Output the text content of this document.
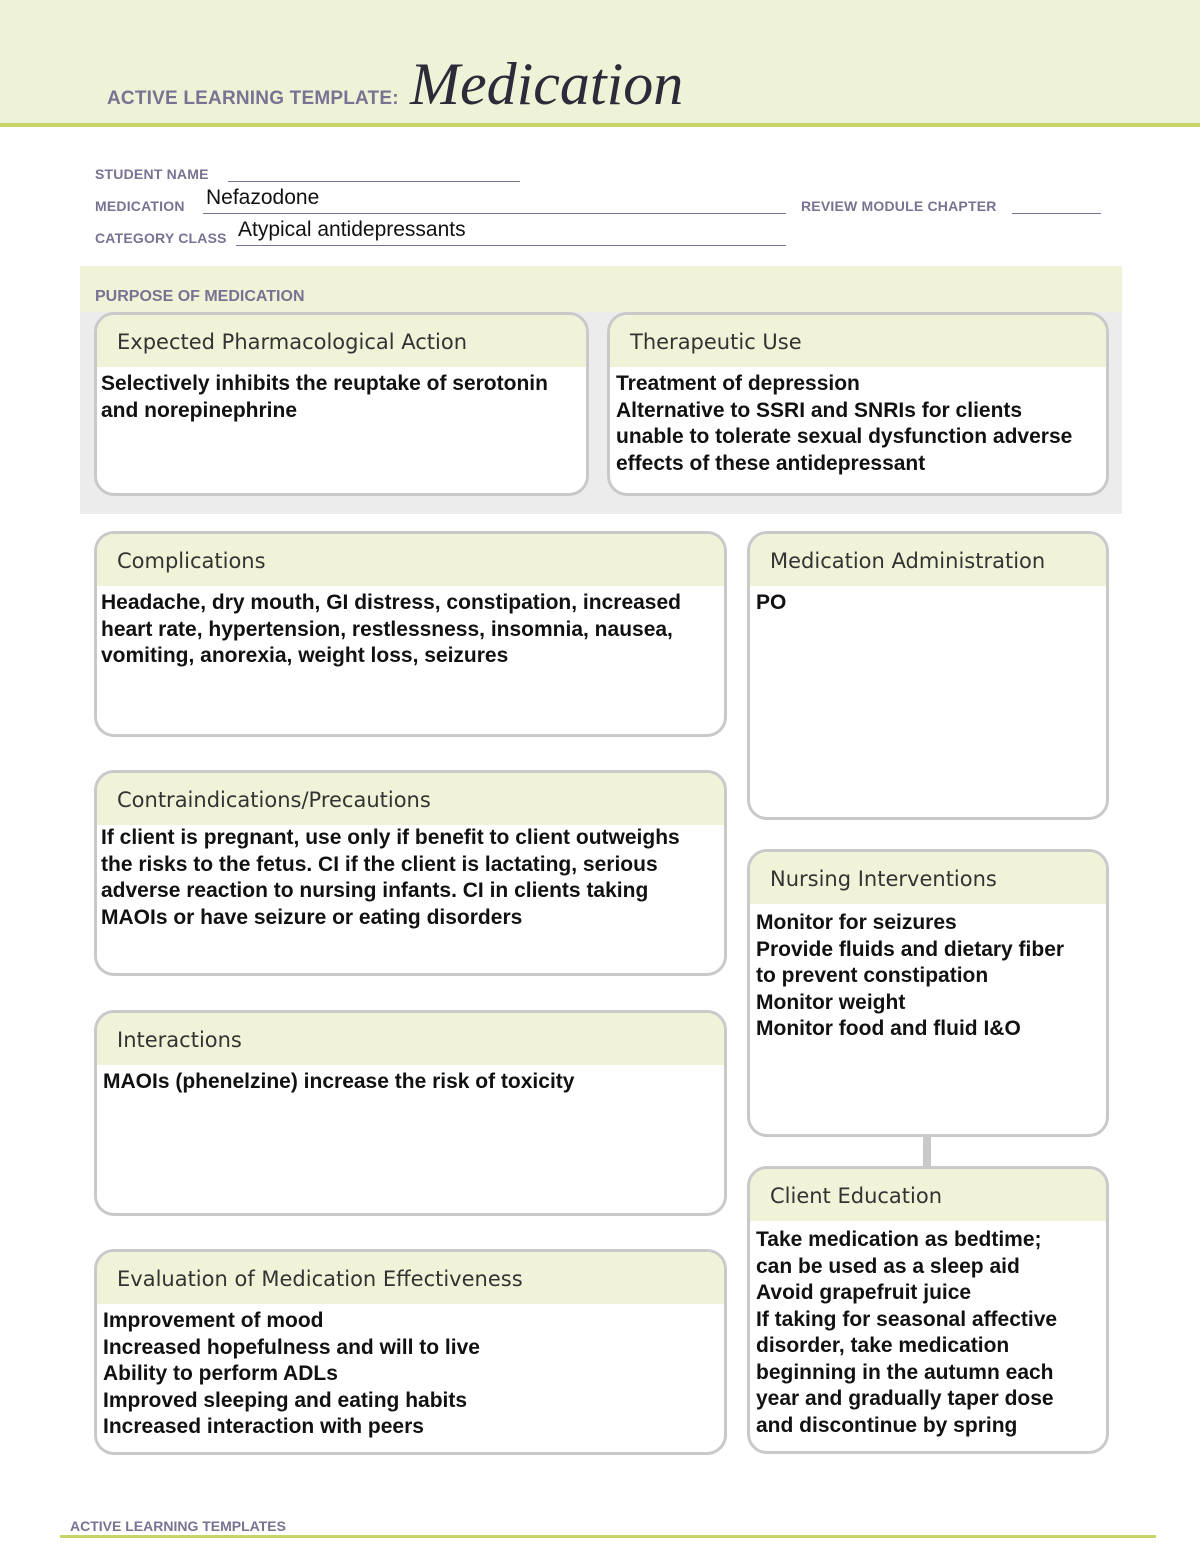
ACTIVE LEARNING TEMPLATE: Medication
STUDENT NAME
MEDICATION Nefazodone	REVIEW MODULE CHAPTER
CATEGORY CLASS Atypical antidepressants
PURPOSE OF MEDICATION
Expected Pharmacological Action
Selectively inhibits the reuptake of serotonin
and norepinephrine
Therapeutic Use
Treatment of depression
Alternative to SSRI and SNRIs for clients
unable to tolerate sexual dysfunction adverse
effects of these antidepressant
Complications
Headache, dry mouth, GI distress, constipation, increased
heart rate, hypertension, restlessness, insomnia, nausea,
vomiting, anorexia, weight loss, seizures
Medication Administration
PO
Contraindications/Precautions
If client is pregnant, use only if benefit to client outweighs
the risks to the fetus. CI if the client is lactating, serious
adverse reaction to nursing infants. CI in clients taking
MAOIs or have seizure or eating disorders
Nursing Interventions
Monitor for seizures
Provide fluids and dietary fiber
to prevent constipation
Monitor weight
Monitor food and fluid I&O
Interactions
MAOIs (phenelzine) increase the risk of toxicity
Client Education
Take medication as bedtime;
can be used as a sleep aid
Avoid grapefruit juice
If taking for seasonal affective
disorder, take medication
beginning in the autumn each
year and gradually taper dose
and discontinue by spring
Evaluation of Medication Effectiveness
Improvement of mood
Increased hopefulness and will to live
Ability to perform ADLs
Improved sleeping and eating habits
Increased interaction with peers
ACTIVE LEARNING TEMPLATES
